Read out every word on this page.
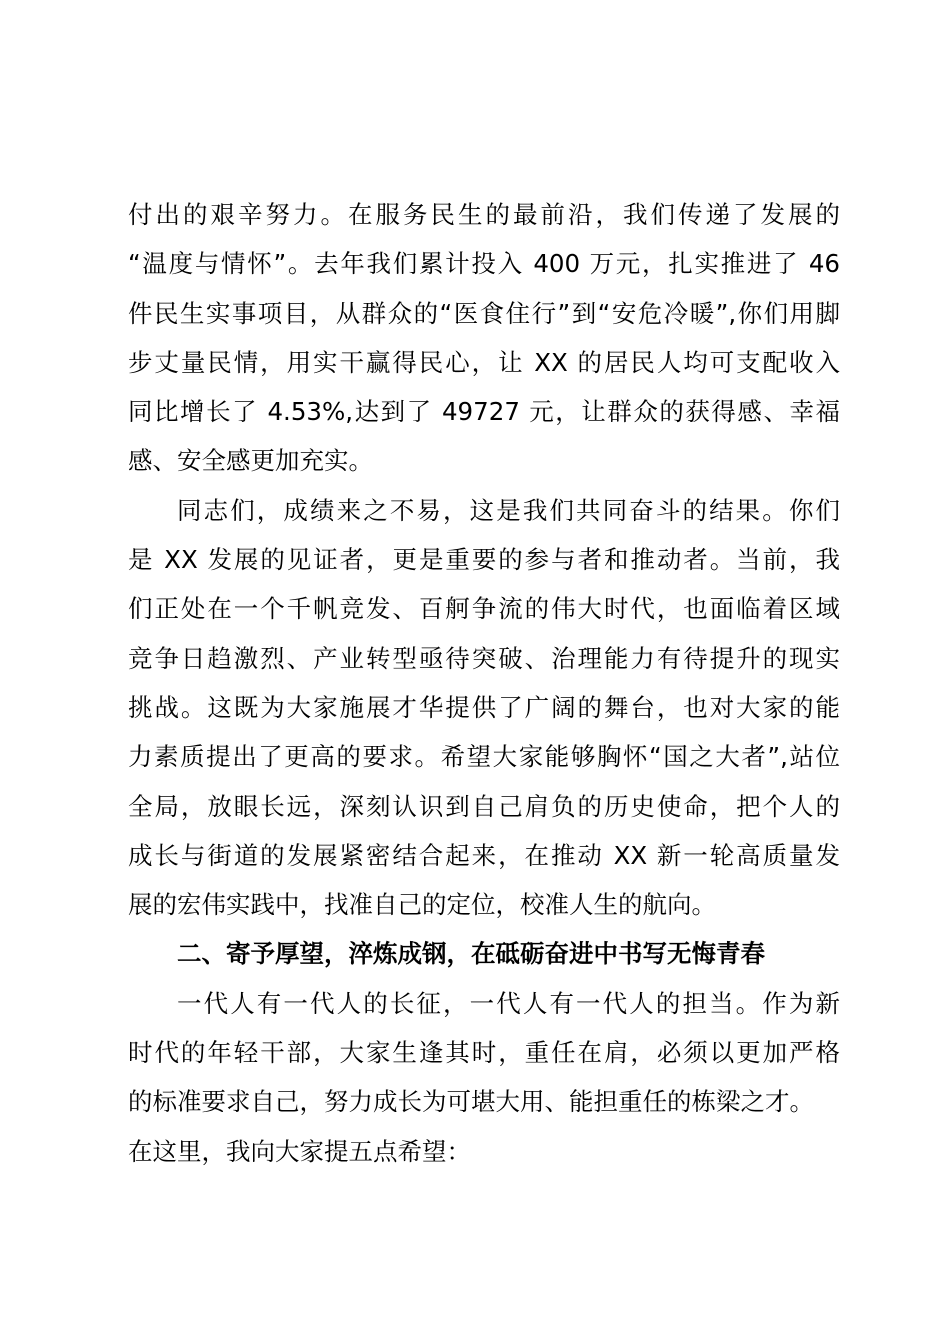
付出的艰辛努力。在服务民生的最前沿，我们传递了发展的
“温度与情怀”。去年我们累计投入 400 万元，扎实推进了 46
件民生实事项目，从群众的“医食住行”到“安危冷暖”,你们用脚
步丈量民情，用实干赢得民心，让 XX 的居民人均可支配收入
同比增长了 4.53%,达到了 49727 元，让群众的获得感、幸福
感、安全感更加充实。
同志们，成绩来之不易，这是我们共同奋斗的结果。你们
是 XX 发展的见证者，更是重要的参与者和推动者。当前，我
们正处在一个千帆竞发、百舸争流的伟大时代，也面临着区域
竞争日趋激烈、产业转型亟待突破、治理能力有待提升的现实
挑战。这既为大家施展才华提供了广阔的舞台，也对大家的能
力素质提出了更高的要求。希望大家能够胸怀“国之大者”,站位
全局，放眼长远，深刻认识到自己肩负的历史使命，把个人的
成长与街道的发展紧密结合起来，在推动 XX 新一轮高质量发
展的宏伟实践中，找准自己的定位，校准人生的航向。
二、寄予厚望，淬炼成钢，在砥砺奋进中书写无悔青春
一代人有一代人的长征，一代人有一代人的担当。作为新
时代的年轻干部，大家生逢其时，重任在肩，必须以更加严格
的标准要求自己，努力成长为可堪大用、能担重任的栋梁之才。
在这里，我向大家提五点希望：
